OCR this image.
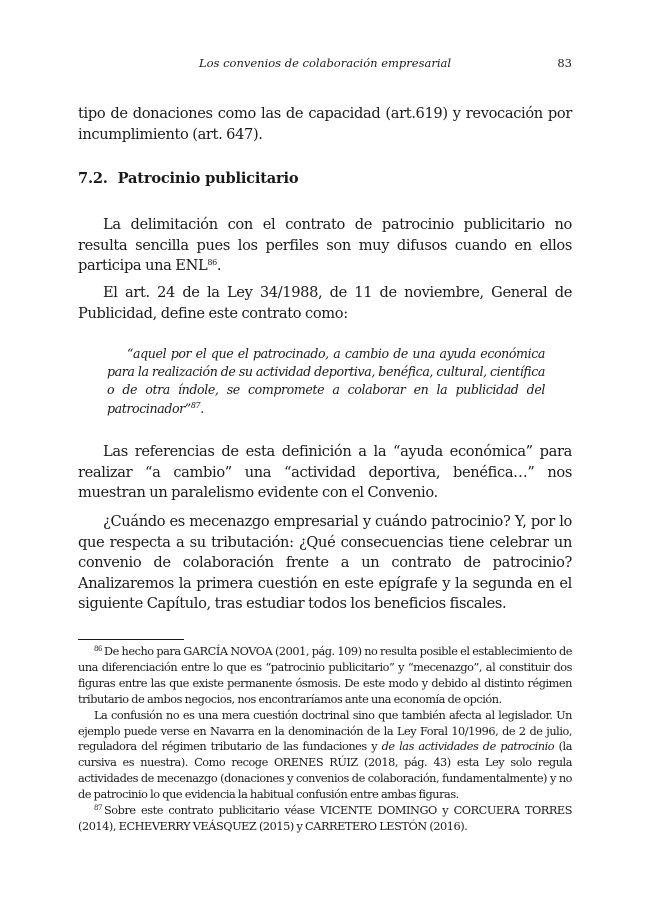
Los convenios de colaboración empresarial	83
tipo de donaciones como las de capacidad (art.619) y revocación por incumplimiento (art. 647).
7.2. Patrocinio publicitario
La delimitación con el contrato de patrocinio publicitario no resulta sencilla pues los perfiles son muy difusos cuando en ellos participa una ENL$^{86}$.
El art. 24 de la Ley 34/1988, de 11 de noviembre, General de Publicidad, define este contrato como:
“aquel por el que el patrocinado, a cambio de una ayuda económica para la realización de su actividad deportiva, benéfica, cultural, científica o de otra índole, se compromete a colaborar en la publicidad del patrocinador”$^{87}$.
Las referencias de esta definición a la “ayuda económica” para realizar “a cambio” una “actividad deportiva, benéfica…” nos muestran un paralelismo evidente con el Convenio.
¿Cuándo es mecenazgo empresarial y cuándo patrocinio? Y, por lo que respecta a su tributación: ¿Qué consecuencias tiene celebrar un convenio de colaboración frente a un contrato de patrocinio? Analizaremos la primera cuestión en este epígrafe y la segunda en el siguiente Capítulo, tras estudiar todos los beneficios fiscales.

$^{86}$ De hecho para GARCÍA NOVOA (2001, pág. 109) no resulta posible el establecimiento de una diferenciación entre lo que es “patrocinio publicitario” y “mecenazgo”, al constituir dos figuras entre las que existe permanente ósmosis. De este modo y debido al distinto régimen tributario de ambos negocios, nos encontraríamos ante una economía de opción.

La confusión no es una mera cuestión doctrinal sino que también afecta al legislador. Un ejemplo puede verse en Navarra en la denominación de la Ley Foral 10/1996, de 2 de julio, reguladora del régimen tributario de las fundaciones y de las actividades de patrocinio (la cursiva es nuestra). Como recoge ORENES RÚIZ (2018, pág. 43) esta Ley solo regula actividades de mecenazgo (donaciones y convenios de colaboración, fundamentalmente) y no de patrocinio lo que evidencia la habitual confusión entre ambas figuras.

$^{87}$ Sobre este contrato publicitario véase VICENTE DOMINGO y CORCUERA TORRES (2014), ECHEVERRY VEÁSQUEZ (2015) y CARRETERO LESTÓN (2016).
